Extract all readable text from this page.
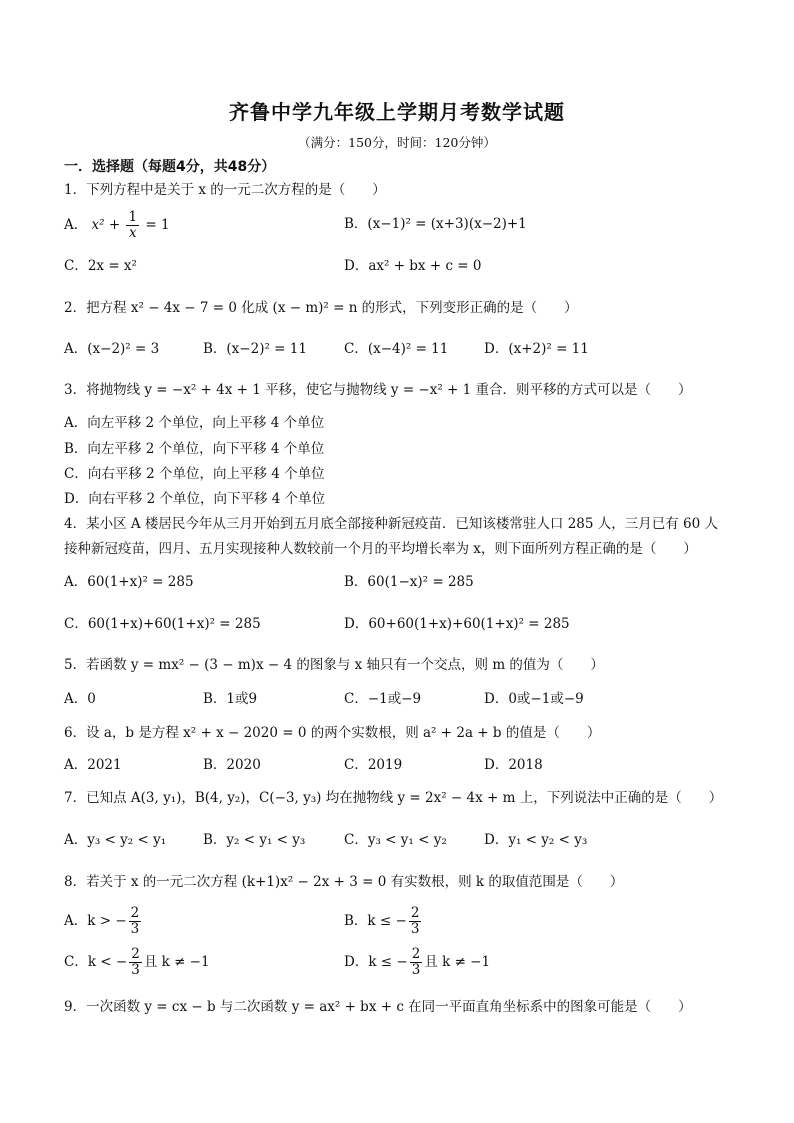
齐鲁中学九年级上学期月考数学试题
（满分：150分，时间：120分钟）
一．选择题（每题4分，共48分）
1．下列方程中是关于 x 的一元二次方程的是（　　）
A． $x^2 + \frac{1}{x} = 1$	B．(x−1)² = (x+3)(x−2)+1
C．2x = x²	D．ax² + bx + c = 0
2．把方程 x² − 4x − 7 = 0 化成 (x − m)² = n 的形式，下列变形正确的是（　　）
A．(x−2)² = 3	B．(x−2)² = 11	C．(x−4)² = 11	D．(x+2)² = 11
3．将抛物线 y = −x² + 4x + 1 平移，使它与抛物线 y = −x² + 1 重合．则平移的方式可以是（　　）
A．向左平移 2 个单位，向上平移 4 个单位
B．向左平移 2 个单位，向下平移 4 个单位
C．向右平移 2 个单位，向上平移 4 个单位
D．向右平移 2 个单位，向下平移 4 个单位
4．某小区 A 楼居民今年从三月开始到五月底全部接种新冠疫苗．已知该楼常驻人口 285 人，三月已有 60 人
接种新冠疫苗，四月、五月实现接种人数较前一个月的平均增长率为 x，则下面所列方程正确的是（　　）
A．60(1+x)² = 285	B．60(1−x)² = 285
C．60(1+x)+60(1+x)² = 285	D．60+60(1+x)+60(1+x)² = 285
5．若函数 y = mx² − (3 − m)x − 4 的图象与 x 轴只有一个交点，则 m 的值为（　　）
A．0	B．1或9	C．−1或−9	D．0或−1或−9
6．设 a，b 是方程 x² + x − 2020 = 0 的两个实数根，则 a² + 2a + b 的值是（　　）
A．2021	B．2020	C．2019	D．2018
7．已知点 A(3, y₁)，B(4, y₂)，C(−3, y₃) 均在抛物线 y = 2x² − 4x + m 上，下列说法中正确的是（　　）
A．y₃ < y₂ < y₁	B．y₂ < y₁ < y₃	C．y₃ < y₁ < y₂	D．y₁ < y₂ < y₃
8．若关于 x 的一元二次方程 (k+1)x² − 2x + 3 = 0 有实数根，则 k 的取值范围是（　　）
A．k > − $\frac{2}{3}$	B．k ≤ − $\frac{2}{3}$
C．k < − $\frac{2}{3}$ 且 k ≠ −1	D．k ≤ − $\frac{2}{3}$ 且 k ≠ −1
9．一次函数 y = cx − b 与二次函数 y = ax² + bx + c 在同一平面直角坐标系中的图象可能是（　　）
